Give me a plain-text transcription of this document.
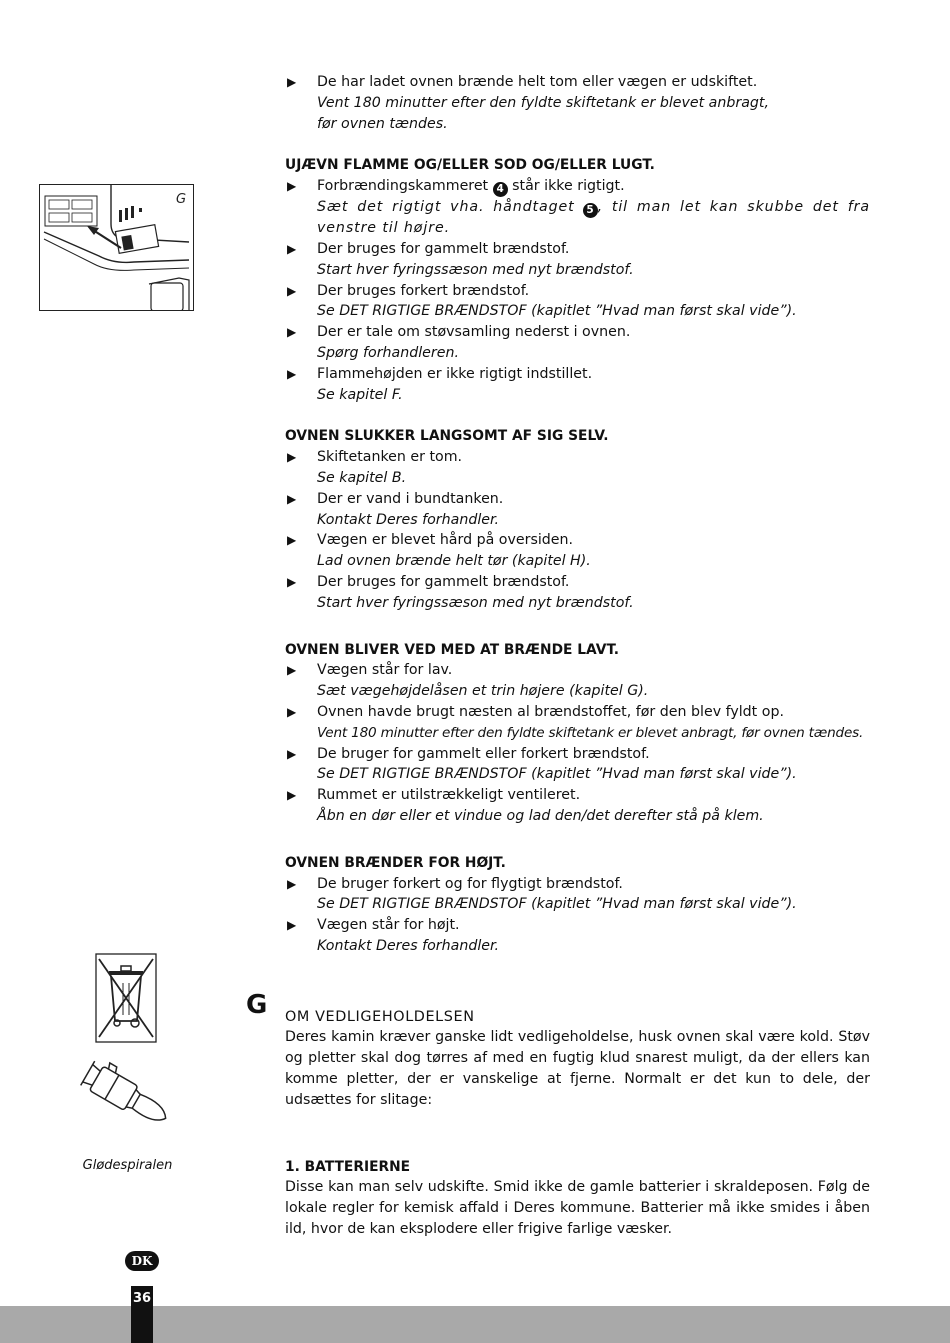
G
Glødespiralen
DK
36
G
▶ De har ladet ovnen brænde helt tom eller vægen er udskiftet.
Vent 180 minutter efter den fyldte skiftetank er blevet anbragt, før ovnen tændes.
UJÆVN FLAMME OG/ELLER SOD OG/ELLER LUGT.
▶ Forbrændingskammeret 4 står ikke rigtigt.
Sæt det rigtigt vha. håndtaget 5 , til man let kan skubbe det fra venstre til højre.
▶ Der bruges for gammelt brændstof.
Start hver fyringssæson med nyt brændstof.
▶ Der bruges forkert brændstof.
Se DET RIGTIGE BRÆNDSTOF (kapitlet ”Hvad man først skal vide”).
▶ Der er tale om støvsamling nederst i ovnen.
Spørg forhandleren.
▶ Flammehøjden er ikke rigtigt indstillet.
Se kapitel F.
OVNEN SLUKKER LANGSOMT AF SIG SELV.
▶ Skiftetanken er tom.
Se kapitel B.
▶ Der er vand i bundtanken.
Kontakt Deres forhandler.
▶ Vægen er blevet hård på oversiden.
Lad ovnen brænde helt tør (kapitel H).
▶ Der bruges for gammelt brændstof.
Start hver fyringssæson med nyt brændstof.
OVNEN BLIVER VED MED AT BRÆNDE LAVT.
▶ Vægen står for lav.
Sæt vægehøjdelåsen et trin højere (kapitel G).
▶ Ovnen havde brugt næsten al brændstoffet, før den blev fyldt op.
Vent 180 minutter efter den fyldte skiftetank er blevet anbragt, før ovnen tændes.
▶ De bruger for gammelt eller forkert brændstof.
Se DET RIGTIGE BRÆNDSTOF (kapitlet ”Hvad man først skal vide”).
▶ Rummet er utilstrækkeligt ventileret.
Åbn en dør eller et vindue og lad den/det derefter stå på klem.
OVNEN BRÆNDER FOR HØJT.
▶ De bruger forkert og for flygtigt brændstof.
Se DET RIGTIGE BRÆNDSTOF (kapitlet ”Hvad man først skal vide”).
▶ Vægen står for højt.
Kontakt Deres forhandler.
OM VEDLIGEHOLDELSEN
Deres kamin kræver ganske lidt vedligeholdelse, husk ovnen skal være kold. Støv og pletter skal dog tørres af med en fugtig klud snarest muligt, da der ellers kan komme pletter, der er vanskelige at fjerne. Normalt er det kun to dele, der udsættes for slitage:
1. BATTERIERNE
Disse kan man selv udskifte. Smid ikke de gamle batterier i skraldeposen. Følg de lokale regler for kemisk affald i Deres kommune. Batterier må ikke smides i åben ild, hvor de kan eksplodere eller frigive farlige væsker.
